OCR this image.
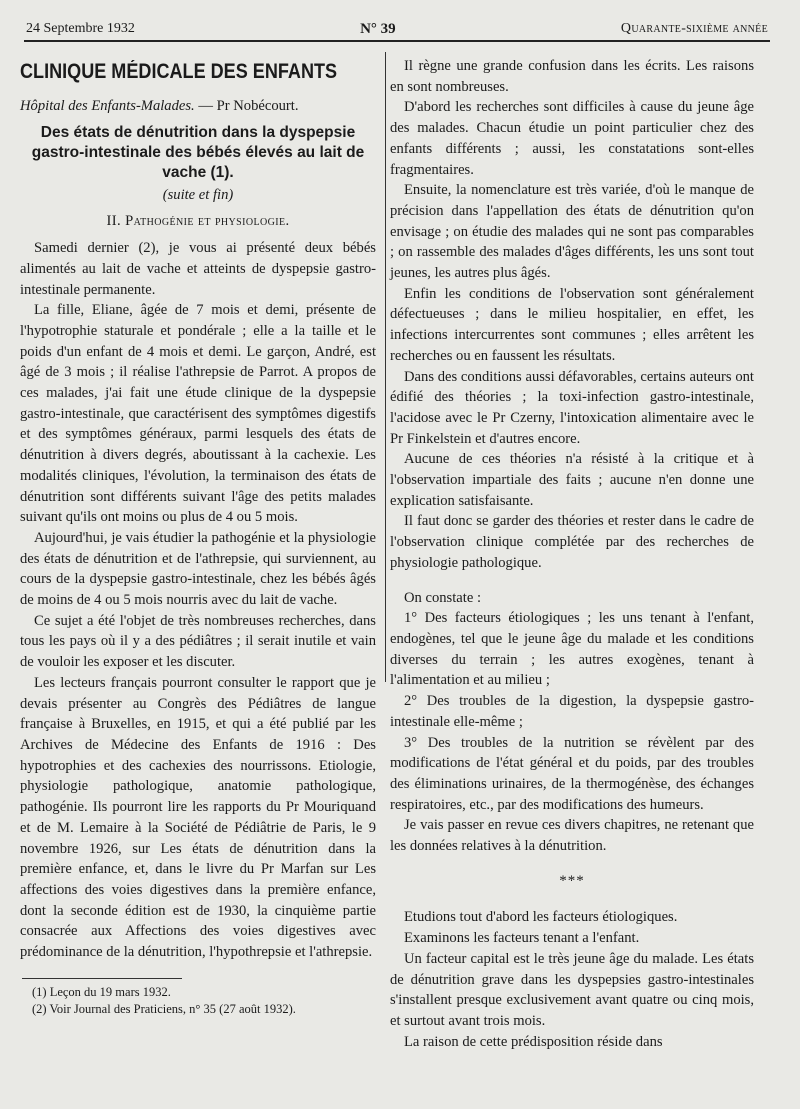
24 Septembre 1932	N° 39	Quarante-sixième année
CLINIQUE MÉDICALE DES ENFANTS
Hôpital des Enfants-Malades. — Pr Nobécourt.
Des états de dénutrition dans la dyspepsie gastro-intestinale des bébés élevés au lait de vache (1).
(suite et fin)
II. Pathogénie et physiologie.

Samedi dernier (2), je vous ai présenté deux bébés alimentés au lait de vache et atteints de dyspepsie gastro-intestinale permanente.

La fille, Eliane, âgée de 7 mois et demi, présente de l'hypotrophie staturale et pondérale ; elle a la taille et le poids d'un enfant de 4 mois et demi. Le garçon, André, est âgé de 3 mois ; il réalise l'athrepsie de Parrot. A propos de ces malades, j'ai fait une étude clinique de la dyspepsie gastro-intestinale, que caractérisent des symptômes digestifs et des symptômes généraux, parmi lesquels des états de dénutrition à divers degrés, aboutissant à la cachexie. Les modalités cliniques, l'évolution, la terminaison des états de dénutrition sont différents suivant l'âge des petits malades suivant qu'ils ont moins ou plus de 4 ou 5 mois.

Aujourd'hui, je vais étudier la pathogénie et la physiologie des états de dénutrition et de l'athrepsie, qui surviennent, au cours de la dyspepsie gastro-intestinale, chez les bébés âgés de moins de 4 ou 5 mois nourris avec du lait de vache.

Ce sujet a été l'objet de très nombreuses recherches, dans tous les pays où il y a des pédiâtres ; il serait inutile et vain de vouloir les exposer et les discuter.

Les lecteurs français pourront consulter le rapport que je devais présenter au Congrès des Pédiâtres de langue française à Bruxelles, en 1915, et qui a été publié par les Archives de Médecine des Enfants de 1916 : Des hypotrophies et des cachexies des nourrissons. Etiologie, physiologie pathologique, anatomie pathologique, pathogénie. Ils pourront lire les rapports du Pr Mouriquand et de M. Lemaire à la Société de Pédiâtrie de Paris, le 9 novembre 1926, sur Les états de dénutrition dans la première enfance, et, dans le livre du Pr Marfan sur Les affections des voies digestives dans la première enfance, dont la seconde édition est de 1930, la cinquième partie consacrée aux Affections des voies digestives avec prédominance de la dénutrition, l'hypothrepsie et l'athrepsie.

(1) Leçon du 19 mars 1932.

(2) Voir Journal des Praticiens, n° 35 (27 août 1932).

Il règne une grande confusion dans les écrits. Les raisons en sont nombreuses.

D'abord les recherches sont difficiles à cause du jeune âge des malades. Chacun étudie un point particulier chez des enfants différents ; aussi, les constatations sont-elles fragmentaires.

Ensuite, la nomenclature est très variée, d'où le manque de précision dans l'appellation des états de dénutrition qu'on envisage ; on étudie des malades qui ne sont pas comparables ; on rassemble des malades d'âges différents, les uns sont tout jeunes, les autres plus âgés.

Enfin les conditions de l'observation sont généralement défectueuses ; dans le milieu hospitalier, en effet, les infections intercurrentes sont communes ; elles arrêtent les recherches ou en faussent les résultats.

Dans des conditions aussi défavorables, certains auteurs ont édifié des théories ; la toxi-infection gastro-intestinale, l'acidose avec le Pr Czerny, l'intoxication alimentaire avec le Pr Finkelstein et d'autres encore.

Aucune de ces théories n'a résisté à la critique et à l'observation impartiale des faits ; aucune n'en donne une explication satisfaisante.

Il faut donc se garder des théories et rester dans le cadre de l'observation clinique complétée par des recherches de physiologie pathologique.

On constate :

1° Des facteurs étiologiques ; les uns tenant à l'enfant, endogènes, tel que le jeune âge du malade et les conditions diverses du terrain ; les autres exogènes, tenant à l'alimentation et au milieu ;

2° Des troubles de la digestion, la dyspepsie gastro-intestinale elle-même ;

3° Des troubles de la nutrition se révèlent par des modifications de l'état général et du poids, par des troubles des éliminations urinaires, de la thermogénèse, des échanges respiratoires, etc., par des modifications des humeurs.

Je vais passer en revue ces divers chapitres, ne retenant que les données relatives à la dénutrition.

***

Etudions tout d'abord les facteurs étiologiques.

Examinons les facteurs tenant a l'enfant.

Un facteur capital est le très jeune âge du malade. Les états de dénutrition grave dans les dyspepsies gastro-intestinales s'installent presque exclusivement avant quatre ou cinq mois, et surtout avant trois mois.

La raison de cette prédisposition réside dans
